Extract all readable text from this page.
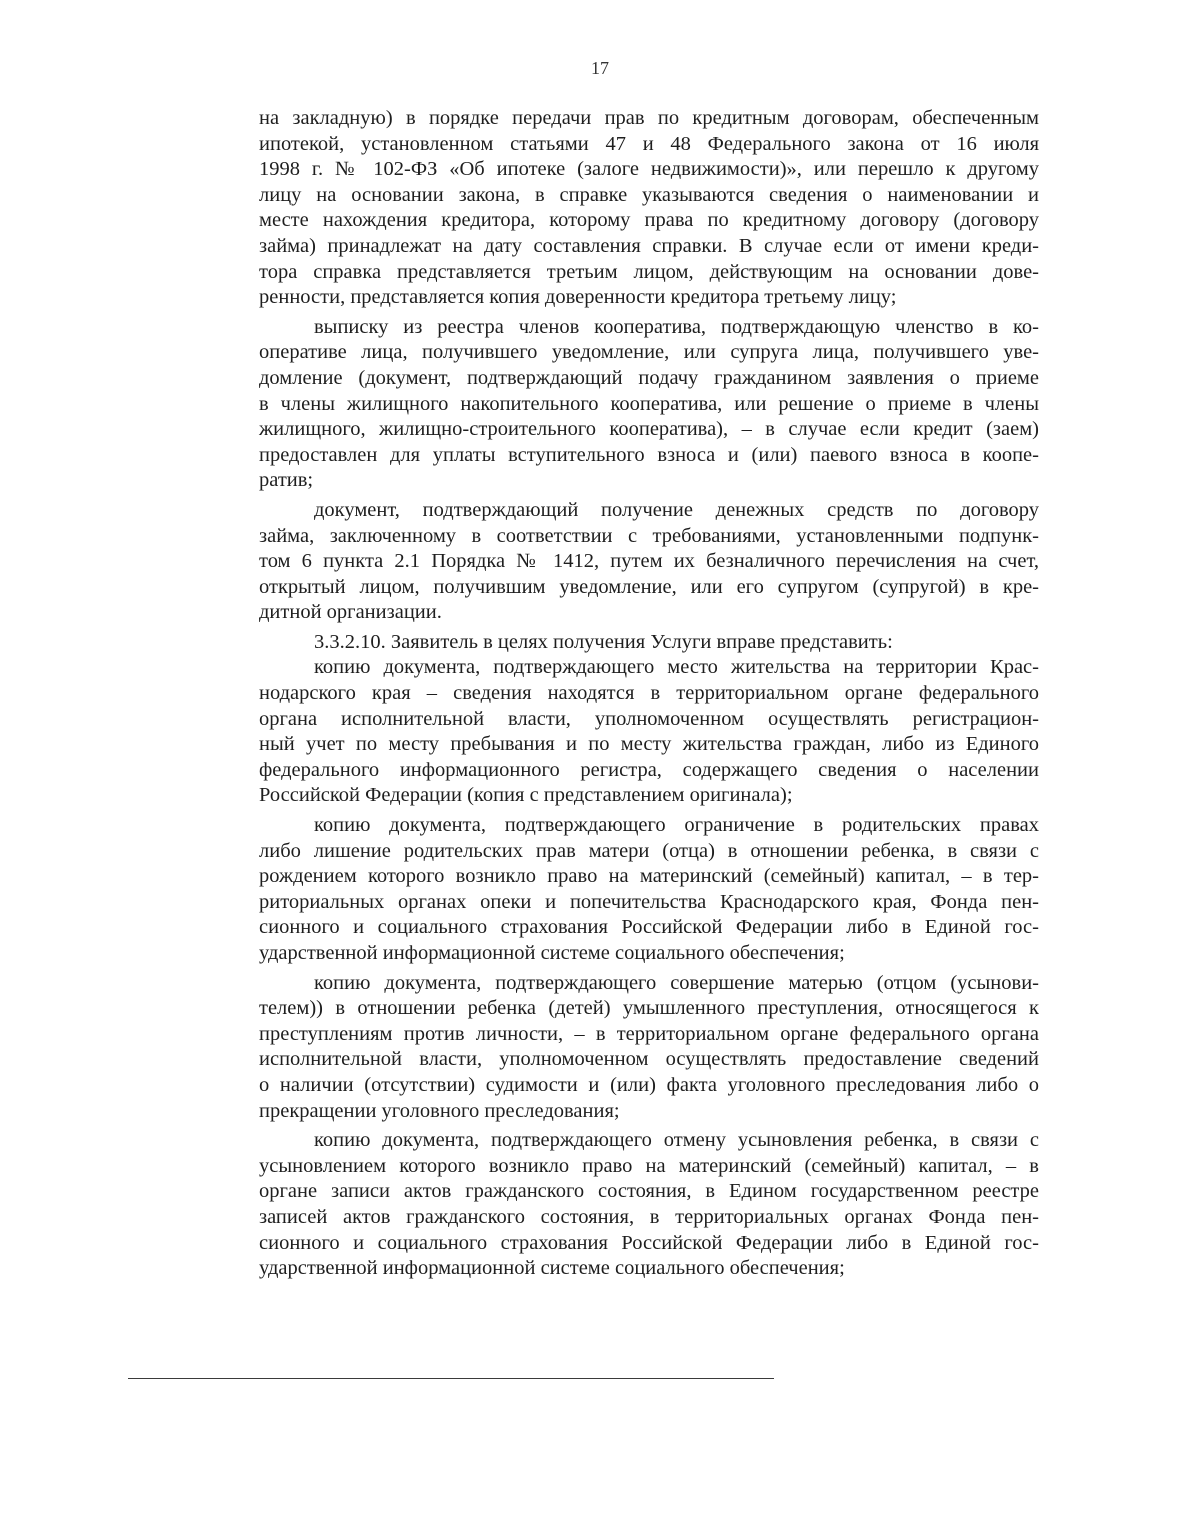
17
на закладную) в порядке передачи прав по кредитным договорам, обеспеченным
ипотекой, установленном статьями 47 и 48 Федерального закона от 16 июля
1998 г. № 102-ФЗ «Об ипотеке (залоге недвижимости)», или перешло к другому
лицу на основании закона, в справке указываются сведения о наименовании и
месте нахождения кредитора, которому права по кредитному договору (договору
займа) принадлежат на дату составления справки. В случае если от имени креди-
тора справка представляется третьим лицом, действующим на основании дове-
ренности, представляется копия доверенности кредитора третьему лицу;
выписку из реестра членов кооператива, подтверждающую членство в ко-
оперативе лица, получившего уведомление, или супруга лица, получившего уве-
домление (документ, подтверждающий подачу гражданином заявления о приеме
в члены жилищного накопительного кооператива, или решение о приеме в члены
жилищного, жилищно-строительного кооператива), – в случае если кредит (заем)
предоставлен для уплаты вступительного взноса и (или) паевого взноса в коопе-
ратив;
документ, подтверждающий получение денежных средств по договору
займа, заключенному в соответствии с требованиями, установленными подпунк-
том 6 пункта 2.1 Порядка № 1412, путем их безналичного перечисления на счет,
открытый лицом, получившим уведомление, или его супругом (супругой) в кре-
дитной организации.
3.3.2.10. Заявитель в целях получения Услуги вправе представить:
копию документа, подтверждающего место жительства на территории Крас-
нодарского края – сведения находятся в территориальном органе федерального
органа исполнительной власти, уполномоченном осуществлять регистрацион-
ный учет по месту пребывания и по месту жительства граждан, либо из Единого
федерального информационного регистра, содержащего сведения о населении
Российской Федерации (копия с представлением оригинала);
копию документа, подтверждающего ограничение в родительских правах
либо лишение родительских прав матери (отца) в отношении ребенка, в связи с
рождением которого возникло право на материнский (семейный) капитал, – в тер-
риториальных органах опеки и попечительства Краснодарского края, Фонда пен-
сионного и социального страхования Российской Федерации либо в Единой гос-
ударственной информационной системе социального обеспечения;
копию документа, подтверждающего совершение матерью (отцом (усынови-
телем)) в отношении ребенка (детей) умышленного преступления, относящегося к
преступлениям против личности, – в территориальном органе федерального органа
исполнительной власти, уполномоченном осуществлять предоставление сведений
о наличии (отсутствии) судимости и (или) факта уголовного преследования либо о
прекращении уголовного преследования;
копию документа, подтверждающего отмену усыновления ребенка, в связи с
усыновлением которого возникло право на материнский (семейный) капитал, – в
органе записи актов гражданского состояния, в Едином государственном реестре
записей актов гражданского состояния, в территориальных органах Фонда пен-
сионного и социального страхования Российской Федерации либо в Единой гос-
ударственной информационной системе социального обеспечения;
